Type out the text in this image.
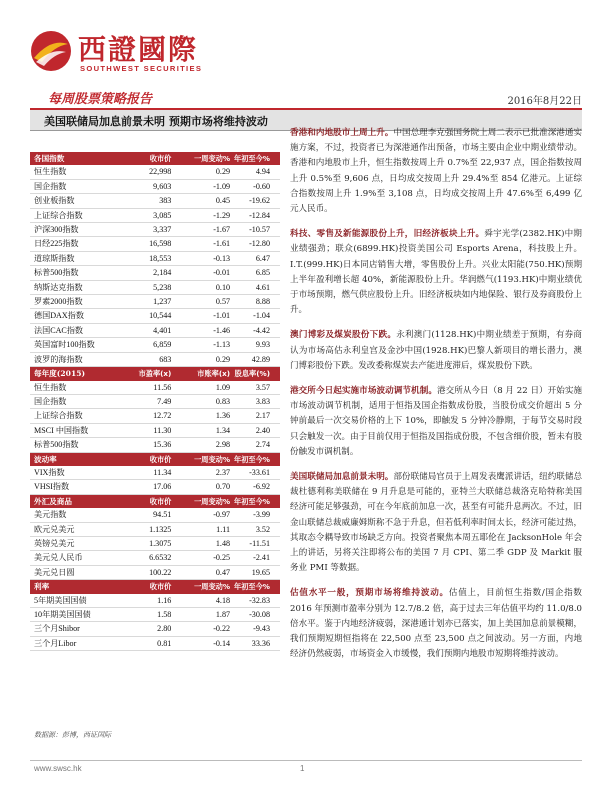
西證國際
SOUTHWEST SECURITIES
每周股票策略报告	2016年8月22日
美国联储局加息前景未明 预期市场将维持波动
各国指数	收市价	一周变动%	年初至今%
恒生指数	22,998	0.29	4.94
国企指数	9,603	-1.09	-0.60
创业板指数	383	0.45	-19.62
上证综合指数	3,085	-1.29	-12.84
沪深300指数	3,337	-1.67	-10.57
日经225指数	16,598	-1.61	-12.80
道琼斯指数	18,553	-0.13	6.47
标普500指数	2,184	-0.01	6.85
纳斯达克指数	5,238	0.10	4.61
罗素2000指数	1,237	0.57	8.88
德国DAX指数	10,544	-1.01	-1.04
法国CAC指数	4,401	-1.46	-4.42
英国富时100指数	6,859	-1.13	9.93
波罗的海指数	683	0.29	42.89
每年度(2015)	市盈率(x)	市账率(x)	股息率(%)
恒生指数	11.56	1.09	3.57
国企指数	7.49	0.83	3.83
上证综合指数	12.72	1.36	2.17
MSCI 中国指数	11.30	1.34	2.40
标普500指数	15.36	2.98	2.74
波动率	收市价	一周变动%	年初至今%
VIX指数	11.34	2.37	-33.61
VHSI指数	17.06	0.70	-6.92
外汇及商品	收市价	一周变动%	年初至今%
美元指数	94.51	-0.97	-3.99
欧元兑美元	1.1325	1.11	3.52
英镑兑美元	1.3075	1.48	-11.51
美元兑人民币	6.6532	-0.25	-2.41
美元兑日圆	100.22	0.47	19.65
利率	收市价	一周变动%	年初至今%
5年期美国国债	1.16	4.18	-32.83
10年期美国国债	1.58	1.87	-30.08
三个月Shibor	2.80	-0.22	-9.43
三个月Libor	0.81	-0.14	33.36
数据源：彭博，西证国际

香港和内地股市上周上升。中国总理李克强国务院上周二表示已批准深港通实施方案，不过，投资者已为深港通作出预备，市场主要由企业中期业绩带动。香港和内地股市上升，恒生指数按周上升 0.7%至 22,937 点，国企指数按周上升 0.5%至 9,606 点，日均成交按周上升 29.4%至 854 亿港元。上证综合指数按周上升 1.9%至 3,108 点，日均成交按周上升 47.6%至 6,499 亿元人民币。

科技、零售及新能源股份上升，旧经济板块上升。舜宇光学(2382.HK)中期业绩强劲；联众(6899.HK)投资美国公司 Esports Arena，科技股上升。I.T.(999.HK)日本同店销售大增，零售股份上升。兴业太阳能(750.HK)预期上半年盈利增长超 40%，新能源股份上升。华润燃气(1193.HK)中期业绩优于市场预期，燃气供应股份上升。旧经济板块如内地保险、银行及券商股份上升。

澳门博彩及煤炭股份下跌。永利澳门(1128.HK)中期业绩差于预期，有券商认为市场高估永利皇宫及金沙中国(1928.HK)巴黎人新项目的增长潜力，澳门博彩股份下跌。发改委称煤炭去产能进度滞后，煤炭股份下跌。

港交所今日起实施市场波动调节机制。港交所从今日（8 月 22 日）开始实施市场波动调节机制，适用于恒指及国企指数成份股，当股份成交价超出 5 分钟前最后一次交易价格的上下 10%，即触发 5 分钟冷静期，于每节交易时段只会触发一次。由于目前仅用于恒指及国指成份股，不包含细价股，暂未有股份触发市调机制。

美国联储局加息前景未明。部份联储局官员于上周发表鹰派讲话，纽约联储总裁杜德利称美联储在 9 月升息是可能的，亚特兰大联储总裁洛克哈特称美国经济可能足够强劲，可在今年底前加息一次，甚至有可能升息两次。不过，旧金山联储总裁威廉姆斯称不急于升息，但若低利率时间太长，经济可能过热，其取态令耦导致市场缺乏方向。投资者聚焦本周五耶伦在 JacksonHole 年会上的讲话，另将关注即将公布的美国 7 月 CPI、第二季 GDP 及 Markit 服务业 PMI 等数据。

估值水平一般，预期市场将维持波动。估值上，目前恒生指数/国企指数 2016 年预测市盈率分别为 12.7/8.2 倍，高于过去三年估值平均约 11.0/8.0 倍水平。鉴于内地经济疲弱，深港通计划亦已落实，加上美国加息前景模糊，我们预期短期恒指将在 22,500 点至 23,500 点之间波动。另一方面，内地经济仍然疲弱，市场资金入市缓慢，我们预期内地股市短期将维持波动。

www.swsc.hk	1
